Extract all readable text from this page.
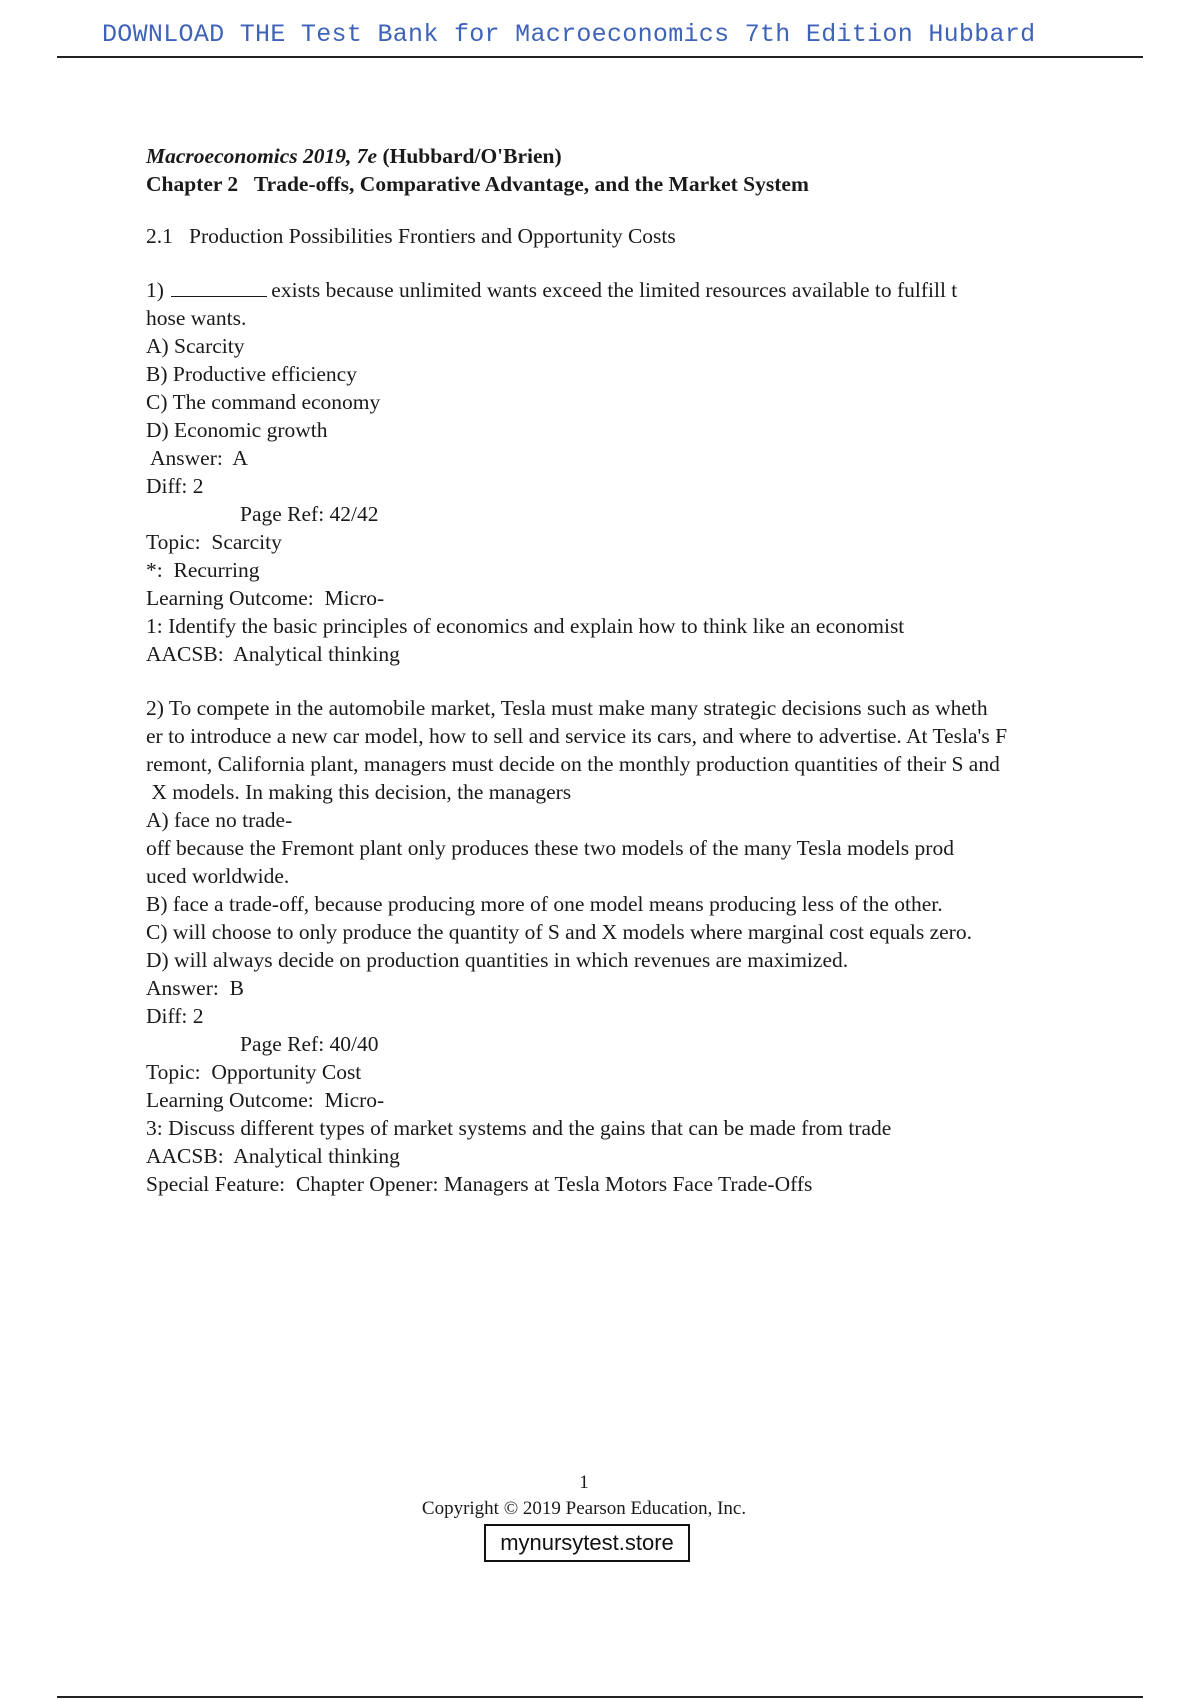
DOWNLOAD THE Test Bank for Macroeconomics 7th Edition Hubbard

Macroeconomics 2019, 7e (Hubbard/O'Brien)

Chapter 2   Trade-offs, Comparative Advantage, and the Market System

2.1   Production Possibilities Frontiers and Opportunity Costs

1)	exists because unlimited wants exceed the limited resources available to fulfill t

hose wants.

A) Scarcity

B) Productive efficiency

C) The command economy

D) Economic growth

Answer:  A

Diff: 2

Page Ref: 42/42

Topic:  Scarcity

*:  Recurring

Learning Outcome:  Micro-

1: Identify the basic principles of economics and explain how to think like an economist

AACSB:  Analytical thinking

2) To compete in the automobile market, Tesla must make many strategic decisions such as wheth

er to introduce a new car model, how to sell and service its cars, and where to advertise. At Tesla's F

remont, California plant, managers must decide on the monthly production quantities of their S and

X models. In making this decision, the managers

A) face no trade-

off because the Fremont plant only produces these two models of the many Tesla models prod

uced worldwide.

B) face a trade-off, because producing more of one model means producing less of the other.

C) will choose to only produce the quantity of S and X models where marginal cost equals zero.

D) will always decide on production quantities in which revenues are maximized.

Answer:  B

Diff: 2

Page Ref: 40/40

Topic:  Opportunity Cost

Learning Outcome:  Micro-

3: Discuss different types of market systems and the gains that can be made from trade

AACSB:  Analytical thinking

Special Feature:  Chapter Opener: Managers at Tesla Motors Face Trade-Offs

1
Copyright © 2019 Pearson Education, Inc.
mynursytest.store
